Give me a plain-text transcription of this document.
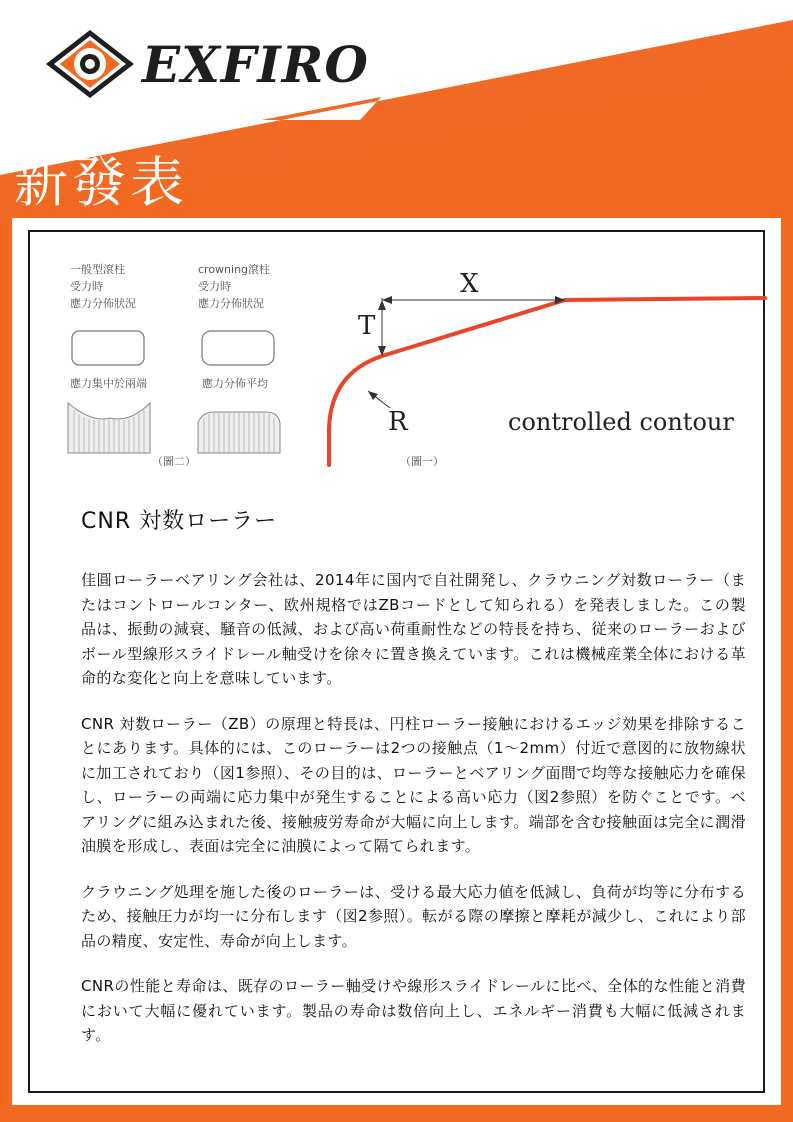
EXFIRO
新發表
一般型滾柱
受力時
應力分佈狀況
應力集中於兩端
（圖二）
crowning滾柱
受力時
應力分佈狀況
應力分佈平均
X
T
R	controlled contour
（圖一）
CNR 対数ローラー

佳圓ローラーベアリング会社は、2014年に国内で自社開発し、クラウニング対数ローラー（またはコントロールコンター、欧州規格ではZBコードとして知られる）を発表しました。この製品は、振動の減衰、騒音の低減、および高い荷重耐性などの特長を持ち、従来のローラーおよびボール型線形スライドレール軸受けを徐々に置き換えています。これは機械産業全体における革命的な変化と向上を意味しています。

CNR 対数ローラー（ZB）の原理と特長は、円柱ローラー接触におけるエッジ効果を排除することにあります。具体的には、このローラーは2つの接触点（1～2mm）付近で意図的に放物線状に加工されており（図1参照）、その目的は、ローラーとベアリング面間で均等な接触応力を確保し、ローラーの両端に応力集中が発生することによる高い応力（図2参照）を防ぐことです。ベアリングに組み込まれた後、接触疲労寿命が大幅に向上します。端部を含む接触面は完全に潤滑油膜を形成し、表面は完全に油膜によって隔てられます。

クラウニング処理を施した後のローラーは、受ける最大応力値を低減し、負荷が均等に分布するため、接触圧力が均一に分布します（図2参照）。転がる際の摩擦と摩耗が減少し、これにより部品の精度、安定性、寿命が向上します。

CNRの性能と寿命は、既存のローラー軸受けや線形スライドレールに比べ、全体的な性能と消費において大幅に優れています。製品の寿命は数倍向上し、エネルギー消費も大幅に低減されます。
